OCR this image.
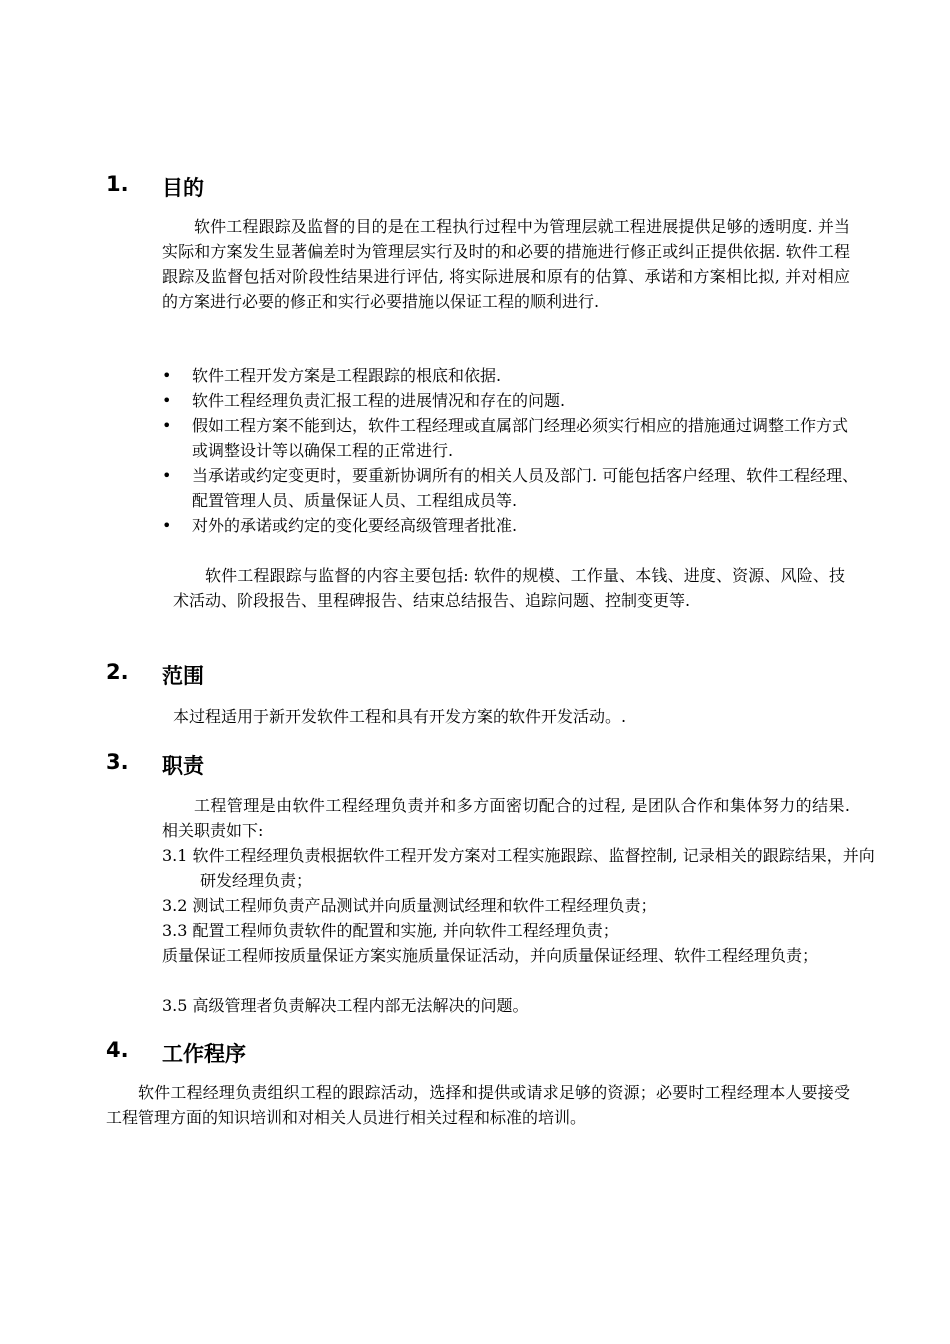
1. 目的

软件工程跟踪及监督的目的是在工程执行过程中为管理层就工程进展提供足够的透明度. 并当实际和方案发生显著偏差时为管理层实行及时的和必要的措施进行修正或纠正提供依据. 软件工程跟踪及监督包括对阶段性结果进行评估, 将实际进展和原有的估算、承诺和方案相比拟, 并对相应的方案进行必要的修正和实行必要措施以保证工程的顺利进行.

• 软件工程开发方案是工程跟踪的根底和依据.
• 软件工程经理负责汇报工程的进展情况和存在的问题.
• 假如工程方案不能到达，软件工程经理或直属部门经理必须实行相应的措施通过调整工作方式或调整设计等以确保工程的正常进行.
• 当承诺或约定变更时，要重新协调所有的相关人员及部门. 可能包括客户经理、软件工程经理、配置管理人员、质量保证人员、工程组成员等.
• 对外的承诺或约定的变化要经高级管理者批准.

软件工程跟踪与监督的内容主要包括: 软件的规模、工作量、本钱、进度、资源、风险、技术活动、阶段报告、里程碑报告、结束总结报告、追踪问题、控制变更等.

2. 范围

本过程适用于新开发软件工程和具有开发方案的软件开发活动。.

3. 职责

工程管理是由软件工程经理负责并和多方面密切配合的过程, 是团队合作和集体努力的结果. 相关职责如下:

3.1 软件工程经理负责根据软件工程开发方案对工程实施跟踪、监督控制, 记录相关的跟踪结果，并向研发经理负责；

3.2 测试工程师负责产品测试并向质量测试经理和软件工程经理负责；

3.3 配置工程师负责软件的配置和实施, 并向软件工程经理负责；

质量保证工程师按质量保证方案实施质量保证活动，并向质量保证经理、软件工程经理负责；

3.5 高级管理者负责解决工程内部无法解决的问题。

4. 工作程序

软件工程经理负责组织工程的跟踪活动，选择和提供或请求足够的资源；必要时工程经理本人要接受工程管理方面的知识培训和对相关人员进行相关过程和标准的培训。
